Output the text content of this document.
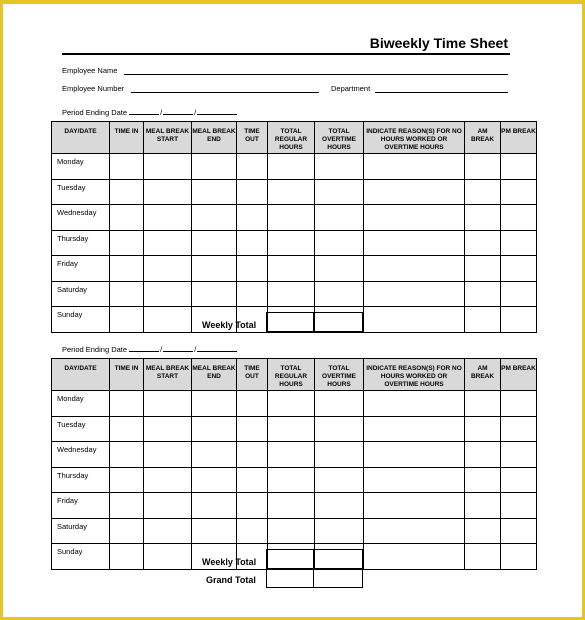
Biweekly Time Sheet
Employee Name
Employee Number	Department
Period Ending Date	/	/
DAY/DATE	TIME IN	MEAL BREAK START	MEAL BREAK END	TIME OUT	TOTAL REGULAR HOURS	TOTAL OVERTIME HOURS	INDICATE REASON(S) FOR NO HOURS WORKED OR OVERTIME HOURS	AM BREAK	PM BREAK
Monday									
Tuesday									
Wednesday									
Thursday									
Friday									
Saturday									
Sunday									
Weekly Total

Period Ending Date	/	/
DAY/DATE	TIME IN	MEAL BREAK START	MEAL BREAK END	TIME OUT	TOTAL REGULAR HOURS	TOTAL OVERTIME HOURS	INDICATE REASON(S) FOR NO HOURS WORKED OR OVERTIME HOURS	AM BREAK	PM BREAK
Monday									
Tuesday									
Wednesday									
Thursday									
Friday									
Saturday									
Sunday									
Weekly Total
Grand Total
